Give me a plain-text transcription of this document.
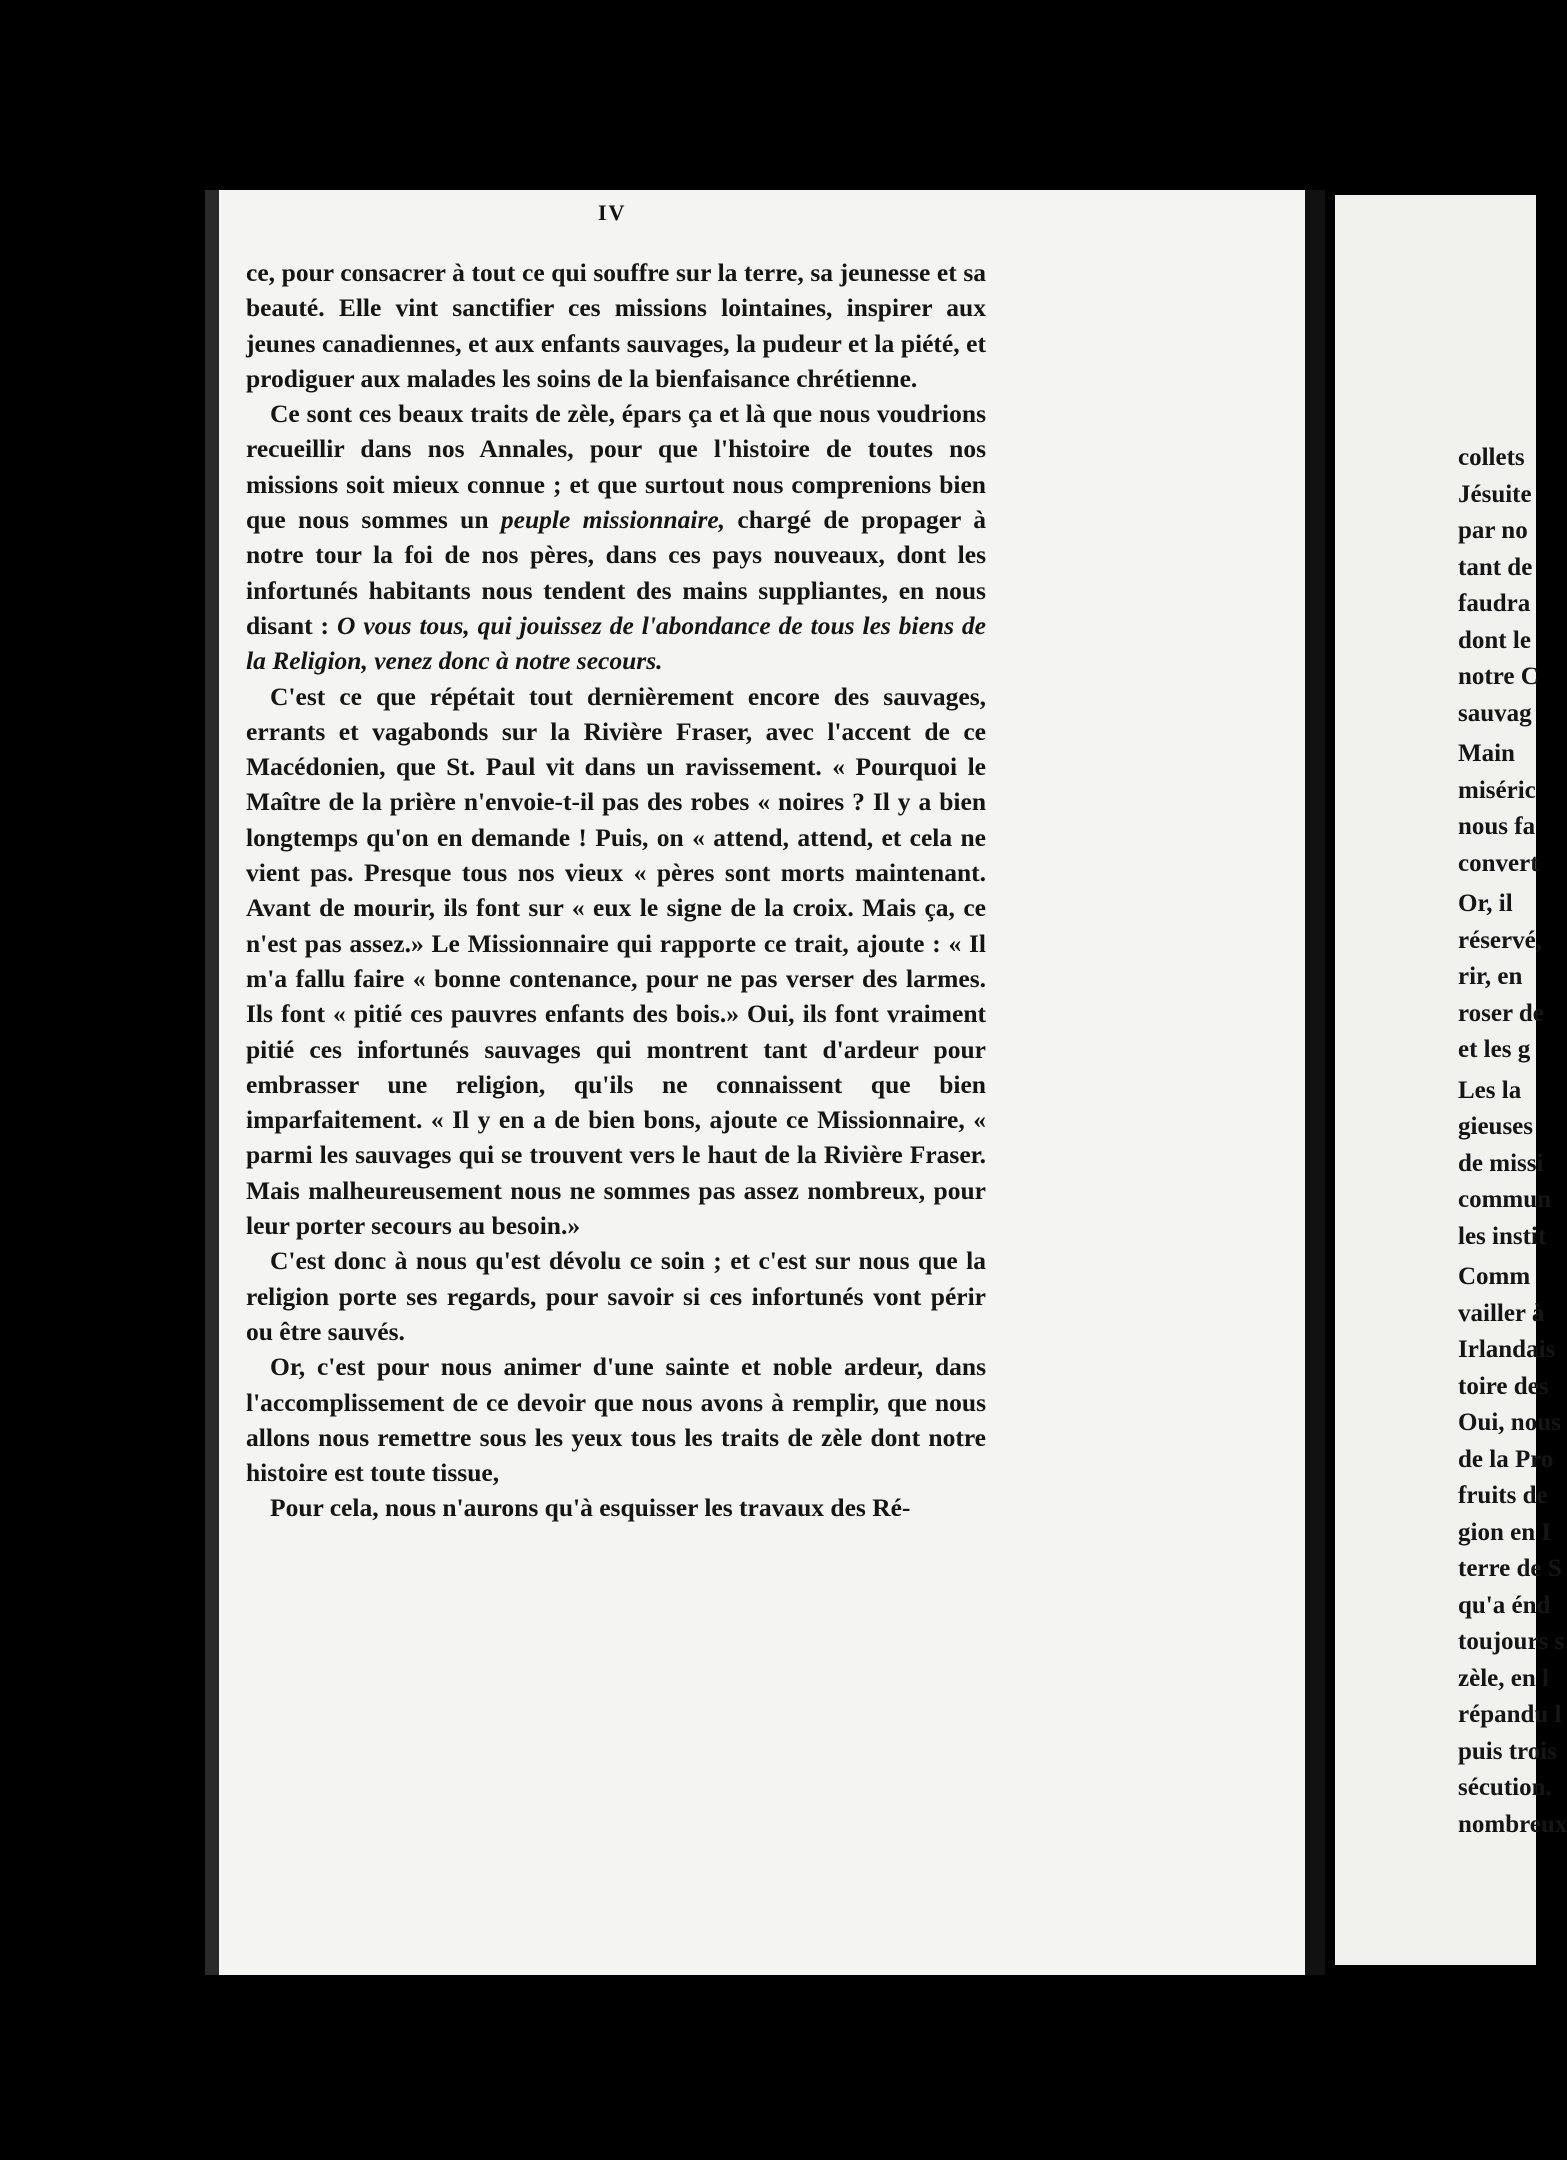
IV

ce, pour consacrer à tout ce qui souffre sur la terre, sa jeunesse et sa beauté. Elle vint sanctifier ces missions lointaines, inspirer aux jeunes canadiennes, et aux enfants sauvages, la pudeur et la piété, et prodiguer aux malades les soins de la bienfaisance chrétienne.

Ce sont ces beaux traits de zèle, épars ça et là que nous voudrions recueillir dans nos Annales, pour que l'histoire de toutes nos missions soit mieux connue ; et que surtout nous comprenions bien que nous sommes un peuple missionnaire, chargé de propager à notre tour la foi de nos pères, dans ces pays nouveaux, dont les infortunés habitants nous tendent des mains suppliantes, en nous disant : O vous tous, qui jouissez de l'abondance de tous les biens de la Religion, venez donc à notre secours.

C'est ce que répétait tout dernièrement encore des sauvages, errants et vagabonds sur la Rivière Fraser, avec l'accent de ce Macédonien, que St. Paul vit dans un ravissement. « Pourquoi le Maître de la prière n'envoie-t-il pas des robes « noires ? Il y a bien longtemps qu'on en demande ! Puis, on « attend, attend, et cela ne vient pas. Presque tous nos vieux « pères sont morts maintenant. Avant de mourir, ils font sur « eux le signe de la croix. Mais ça, ce n'est pas assez.» Le Missionnaire qui rapporte ce trait, ajoute : « Il m'a fallu faire « bonne contenance, pour ne pas verser des larmes. Ils font « pitié ces pauvres enfants des bois.» Oui, ils font vraiment pitié ces infortunés sauvages qui montrent tant d'ardeur pour embrasser une religion, qu'ils ne connaissent que bien imparfaitement. « Il y en a de bien bons, ajoute ce Missionnaire, « parmi les sauvages qui se trouvent vers le haut de la Rivière Fraser. Mais malheureusement nous ne sommes pas assez nombreux, pour leur porter secours au besoin.»

C'est donc à nous qu'est dévolu ce soin ; et c'est sur nous que la religion porte ses regards, pour savoir si ces infortunés vont périr ou être sauvés.

Or, c'est pour nous animer d'une sainte et noble ardeur, dans l'accomplissement de ce devoir que nous avons à remplir, que nous allons nous remettre sous les yeux tous les traits de zèle dont notre histoire est toute tissue,

Pour cela, nous n'aurons qu'à esquisser les travaux des Ré-

collets
Jésuite
par no
tant de
faudra
dont le
notre C
sauvag
Main
miséric
nous fa
convert
Or, il
réservé,
rir, en
roser de
et les g
Les la
gieuses
de missi
commun
les instit
Comm
vailler à
Irlandais
toire des
Oui, nous
de la Pro
fruits de
gion en I
terre de S
qu'a énd
toujours s
zèle, en l
répandu l
puis trois
sécution.
nombreux
